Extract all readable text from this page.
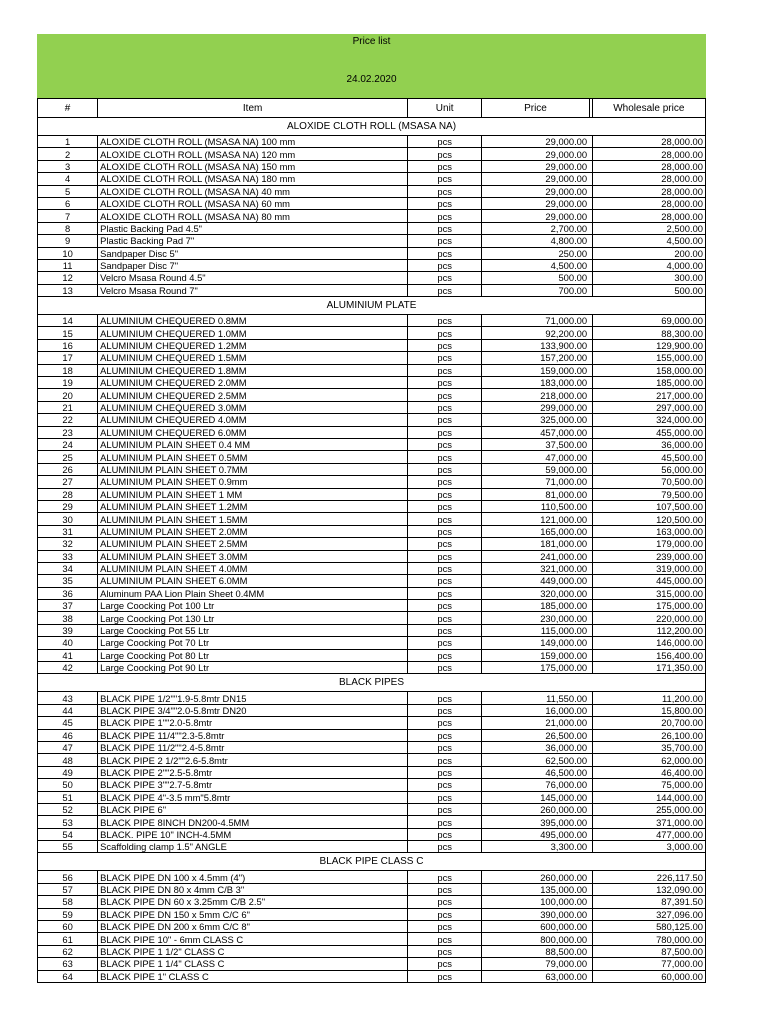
Price list
24.02.2020
#	Item	Unit	Price		Wholesale price
ALOXIDE CLOTH ROLL (MSASA NA)					
1	ALOXIDE CLOTH ROLL (MSASA NA) 100 mm	pcs	29,000.00		28,000.00
2	ALOXIDE CLOTH ROLL (MSASA NA) 120 mm	pcs	29,000.00		28,000.00
3	ALOXIDE CLOTH ROLL (MSASA NA) 150 mm	pcs	29,000.00		28,000.00
4	ALOXIDE CLOTH ROLL (MSASA NA) 180 mm	pcs	29,000.00		28,000.00
5	ALOXIDE CLOTH ROLL (MSASA NA) 40 mm	pcs	29,000.00		28,000.00
6	ALOXIDE CLOTH ROLL (MSASA NA) 60 mm	pcs	29,000.00		28,000.00
7	ALOXIDE CLOTH ROLL (MSASA NA) 80 mm	pcs	29,000.00		28,000.00
8	Plastic Backing Pad 4.5"	pcs	2,700.00		2,500.00
9	Plastic Backing Pad 7"	pcs	4,800.00		4,500.00
10	Sandpaper Disc 5"	pcs	250.00		200.00
11	Sandpaper Disc 7"	pcs	4,500.00		4,000.00
12	Velcro Msasa Round 4.5"	pcs	500.00		300.00
13	Velcro Msasa Round 7"	pcs	700.00		500.00
ALUMINIUM PLATE					
14	ALUMINIUM CHEQUERED 0.8MM	pcs	71,000.00		69,000.00
15	ALUMINIUM CHEQUERED 1.0MM	pcs	92,200.00		88,300.00
16	ALUMINIUM CHEQUERED 1.2MM	pcs	133,900.00		129,900.00
17	ALUMINIUM CHEQUERED 1.5MM	pcs	157,200.00		155,000.00
18	ALUMINIUM CHEQUERED 1.8MM	pcs	159,000.00		158,000.00
19	ALUMINIUM CHEQUERED 2.0MM	pcs	183,000.00		185,000.00
20	ALUMINIUM CHEQUERED 2.5MM	pcs	218,000.00		217,000.00
21	ALUMINIUM CHEQUERED 3.0MM	pcs	299,000.00		297,000.00
22	ALUMINIUM CHEQUERED 4.0MM	pcs	325,000.00		324,000.00
23	ALUMINIUM CHEQUERED 6.0MM	pcs	457,000.00		455,000.00
24	ALUMINIUM PLAIN SHEET 0.4 MM	pcs	37,500.00		36,000.00
25	ALUMINIUM PLAIN SHEET 0.5MM	pcs	47,000.00		45,500.00
26	ALUMINIUM PLAIN SHEET 0.7MM	pcs	59,000.00		56,000.00
27	ALUMINIUM PLAIN SHEET 0.9mm	pcs	71,000.00		70,500.00
28	ALUMINIUM PLAIN SHEET 1 MM	pcs	81,000.00		79,500.00
29	ALUMINIUM PLAIN SHEET 1.2MM	pcs	110,500.00		107,500.00
30	ALUMINIUM PLAIN SHEET 1.5MM	pcs	121,000.00		120,500.00
31	ALUMINIUM PLAIN SHEET 2.0MM	pcs	165,000.00		163,000.00
32	ALUMINIUM PLAIN SHEET 2.5MM	pcs	181,000.00		179,000.00
33	ALUMINIUM PLAIN SHEET 3.0MM	pcs	241,000.00		239,000.00
34	ALUMINIUM PLAIN SHEET 4.0MM	pcs	321,000.00		319,000.00
35	ALUMINIUM PLAIN SHEET 6.0MM	pcs	449,000.00		445,000.00
36	Aluminum PAA Lion Plain Sheet 0.4MM	pcs	320,000.00		315,000.00
37	Large Coocking Pot 100 Ltr	pcs	185,000.00		175,000.00
38	Large Coocking Pot 130 Ltr	pcs	230,000.00		220,000.00
39	Large Coocking Pot 55 Ltr	pcs	115,000.00		112,200.00
40	Large Coocking Pot 70 Ltr	pcs	149,000.00		146,000.00
41	Large Coocking Pot 80 Ltr	pcs	159,000.00		156,400.00
42	Large Coocking Pot 90 Ltr	pcs	175,000.00		171,350.00
BLACK PIPES					
43	BLACK PIPE 1/2""1.9-5.8mtr DN15	pcs	11,550.00		11,200.00
44	BLACK PIPE 3/4""2.0-5.8mtr DN20	pcs	16,000.00		15,800.00
45	BLACK PIPE 1""2.0-5.8mtr	pcs	21,000.00		20,700.00
46	BLACK PIPE 11/4""2.3-5.8mtr	pcs	26,500.00		26,100.00
47	BLACK PIPE 11/2""2.4-5.8mtr	pcs	36,000.00		35,700.00
48	BLACK PIPE 2 1/2""2.6-5.8mtr	pcs	62,500.00		62,000.00
49	BLACK PIPE 2""2.5-5.8mtr	pcs	46,500.00		46,400.00
50	BLACK PIPE 3""2.7-5.8mtr	pcs	76,000.00		75,000.00
51	BLACK PIPE 4"-3.5 mm"5.8mtr	pcs	145,000.00		144,000.00
52	BLACK PIPE 6"	pcs	260,000.00		255,000.00
53	BLACK PIPE 8INCH DN200-4.5MM	pcs	395,000.00		371,000.00
54	BLACK. PIPE 10" INCH-4.5MM	pcs	495,000.00		477,000.00
55	Scaffolding clamp 1.5" ANGLE	pcs	3,300.00		3,000.00
BLACK PIPE CLASS C					
56	BLACK PIPE DN 100 x 4.5mm (4")	pcs	260,000.00		226,117.50
57	BLACK PIPE DN 80 x 4mm C/B 3"	pcs	135,000.00		132,090.00
58	BLACK PIPE DN 60 x 3.25mm C/B 2.5"	pcs	100,000.00		87,391.50
59	BLACK PIPE DN 150 x 5mm C/C 6"	pcs	390,000.00		327,096.00
60	BLACK PIPE DN 200 x 6mm C/C 8"	pcs	600,000.00		580,125.00
61	BLACK PIPE 10" - 6mm CLASS C	pcs	800,000.00		780,000.00
62	BLACK PIPE 1 1/2" CLASS C	pcs	88,500.00		87,500.00
63	BLACK PIPE 1 1/4" CLASS C	pcs	79,000.00		77,000.00
64	BLACK PIPE 1" CLASS C	pcs	63,000.00		60,000.00
